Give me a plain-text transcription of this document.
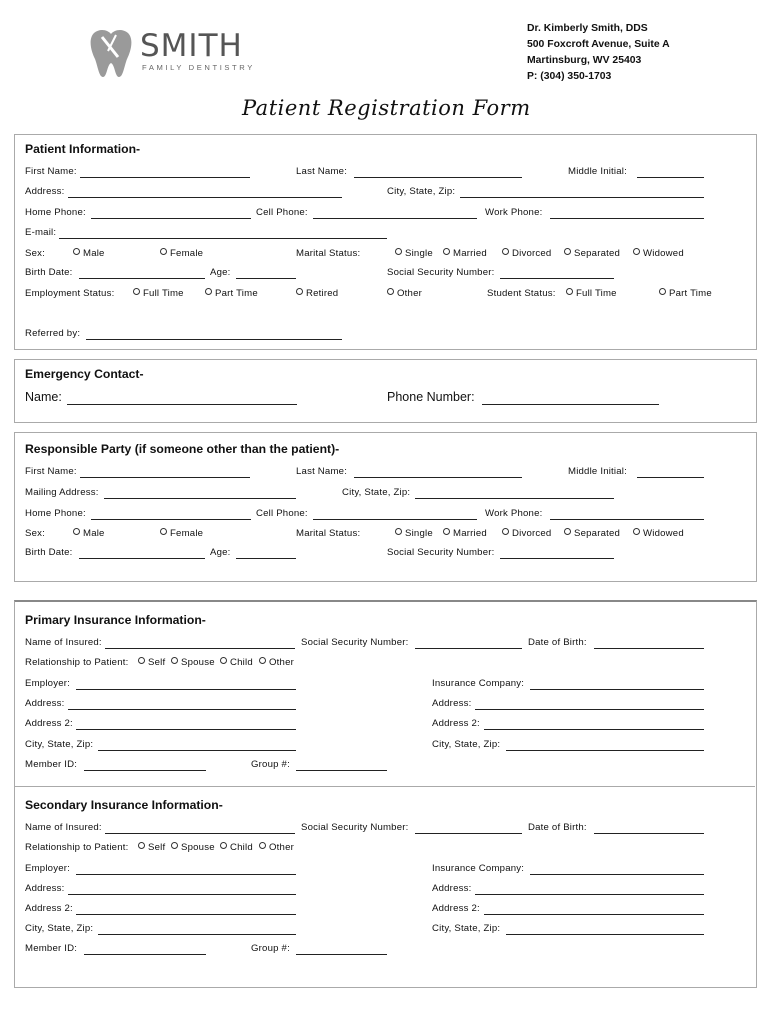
SMITH
FAMILY DENTISTRY
Dr. Kimberly Smith, DDS
500 Foxcroft Avenue, Suite A
Martinsburg, WV 25403
P: (304) 350-1703
Patient Registration Form
Patient Information-
First Name:	Last Name:	Middle Initial:
Address:	City, State, Zip:
Home Phone:	Cell Phone:	Work Phone:
E-mail:
Sex:	Male	Female	Marital Status:	Single	Married	Divorced	Separated	Widowed
Birth Date:	Age:	Social Security Number:
Employment Status:	Full Time	Part Time	Retired	Other	Student Status:	Full Time	Part Time
Referred by:
Emergency Contact-
Name:	Phone Number:
Responsible Party (if someone other than the patient)-
First Name:	Last Name:	Middle Initial:
Mailing Address:	City, State, Zip:
Home Phone:	Cell Phone:	Work Phone:
Sex:	Male	Female	Marital Status:	Single	Married	Divorced	Separated	Widowed
Birth Date:	Age:	Social Security Number:
Primary Insurance Information-
Name of Insured:	Social Security Number:	Date of Birth:
Relationship to Patient:	Self	Spouse	Child	Other
Employer:	Insurance Company:
Address:	Address:
Address 2:	Address 2:
City, State, Zip:	City, State, Zip:
Member ID:	Group #:
Secondary Insurance Information-
Name of Insured:	Social Security Number:	Date of Birth:
Relationship to Patient:	Self	Spouse	Child	Other
Employer:	Insurance Company:
Address:	Address:
Address 2:	Address 2:
City, State, Zip:	City, State, Zip:
Member ID:	Group #:
